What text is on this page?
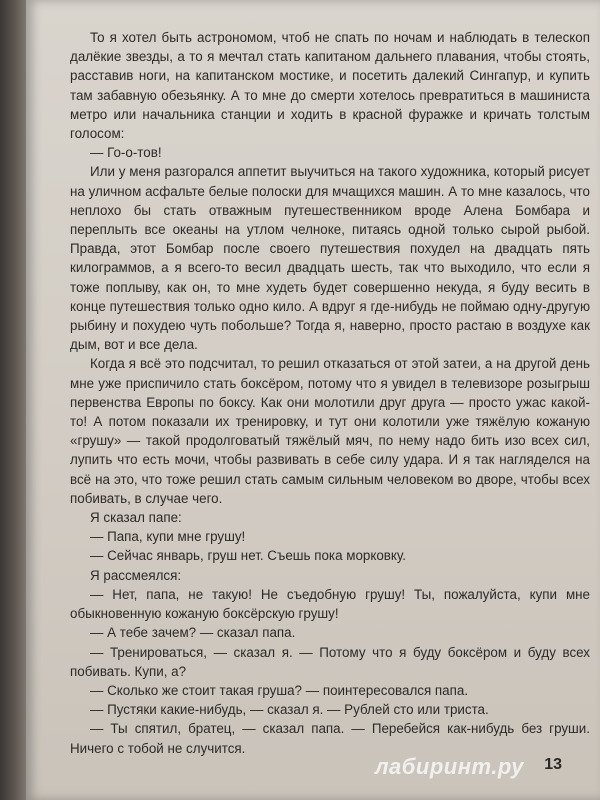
То я хотел быть астрономом, чтоб не спать по ночам и наблюдать в телескоп далёкие звезды, а то я мечтал стать капитаном дальнего плавания, чтобы стоять, расставив ноги, на капитанском мостике, и посетить далекий Сингапур, и купить там забавную обезьянку. А то мне до смерти хотелось превратиться в машиниста метро или начальника станции и ходить в красной фуражке и кричать толстым голосом:

— Го-о-тов!

Или у меня разгорался аппетит выучиться на такого художника, который рисует на уличном асфальте белые полоски для мчащихся машин. А то мне казалось, что неплохо бы стать отважным путешественником вроде Алена Бомбара и переплыть все океаны на утлом челноке, питаясь одной только сырой рыбой. Правда, этот Бомбар после своего путешествия похудел на двадцать пять килограммов, а я всего-то весил двадцать шесть, так что выходило, что если я тоже поплыву, как он, то мне худеть будет совершенно некуда, я буду весить в конце путешествия только одно кило. А вдруг я где-нибудь не поймаю одну-другую рыбину и похудею чуть побольше? Тогда я, наверно, просто растаю в воздухе как дым, вот и все дела.

Когда я всё это подсчитал, то решил отказаться от этой затеи, а на другой день мне уже приспичило стать боксёром, потому что я увидел в телевизоре розыгрыш первенства Европы по боксу. Как они молотили друг друга — просто ужас какой-то! А потом показали их тренировку, и тут они колотили уже тяжёлую кожаную «грушу» — такой продолговатый тяжёлый мяч, по нему надо бить изо всех сил, лупить что есть мочи, чтобы развивать в себе силу удара. И я так нагляделся на всё на это, что тоже решил стать самым сильным человеком во дворе, чтобы всех побивать, в случае чего.

Я сказал папе:

— Папа, купи мне грушу!

— Сейчас январь, груш нет. Съешь пока морковку.

Я рассмеялся:

— Нет, папа, не такую! Не съедобную грушу! Ты, пожалуйста, купи мне обыкновенную кожаную боксёрскую грушу!

— А тебе зачем? — сказал папа.

— Тренироваться, — сказал я. — Потому что я буду боксёром и буду всех побивать. Купи, а?

— Сколько же стоит такая груша? — поинтересовался папа.

— Пустяки какие-нибудь, — сказал я. — Рублей сто или триста.

— Ты спятил, братец, — сказал папа. — Перебейся как-нибудь без груши. Ничего с тобой не случится.

лабиринт.ру 13
